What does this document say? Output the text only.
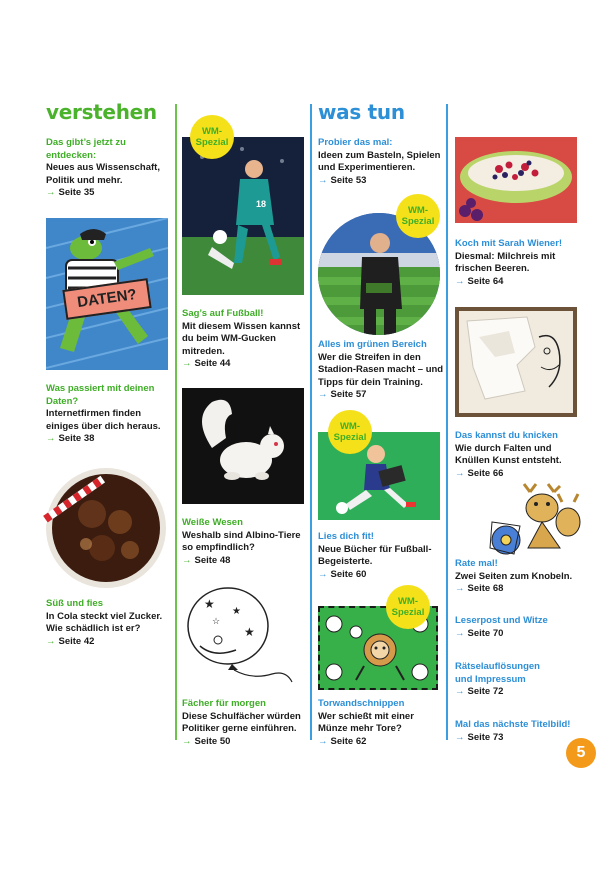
verstehen	was tun
Das gibt’s jetzt zu
entdecken:
Neues aus Wissenschaft,
Politik und mehr.
→ Seite 35
DATEN?
Was passiert mit deinen
Daten?
Internetfirmen finden
einiges über dich heraus.
→ Seite 38
Süß und fies
In Cola steckt viel Zucker.
Wie schädlich ist er?
→ Seite 42
18
WM-
Spezial
Sag’s auf Fußball!
Mit diesem Wissen kannst
du beim WM-Gucken
mitreden.
→ Seite 44
Weiße Wesen
Weshalb sind Albino-Tiere
so empfindlich?
→ Seite 48
★
★
★
☆
Fächer für morgen
Diese Schulfächer würden
Politiker gerne einführen.
→ Seite 50
Probier das mal:
Ideen zum Basteln, Spielen
und Experimentieren.
→ Seite 53
WM-
Spezial
Alles im grünen Bereich
Wer die Streifen in den
Stadion-Rasen macht – und
Tipps für dein Training.
→ Seite 57
WM-
Spezial
Lies dich fit!
Neue Bücher für Fußball-
Begeisterte.
→ Seite 60
WM-
Spezial
Torwandschnippen
Wer schießt mit einer
Münze mehr Tore?
→ Seite 62
Koch mit Sarah Wiener!
Diesmal: Milchreis mit
frischen Beeren.
→ Seite 64
Das kannst du knicken
Wie durch Falten und
Knüllen Kunst entsteht.
→ Seite 66
Rate mal!
Zwei Seiten zum Knobeln.
→ Seite 68
Leserpost und Witze
→ Seite 70
Rätselauflösungen
und Impressum
→ Seite 72
Mal das nächste Titelbild!
→ Seite 73
5
